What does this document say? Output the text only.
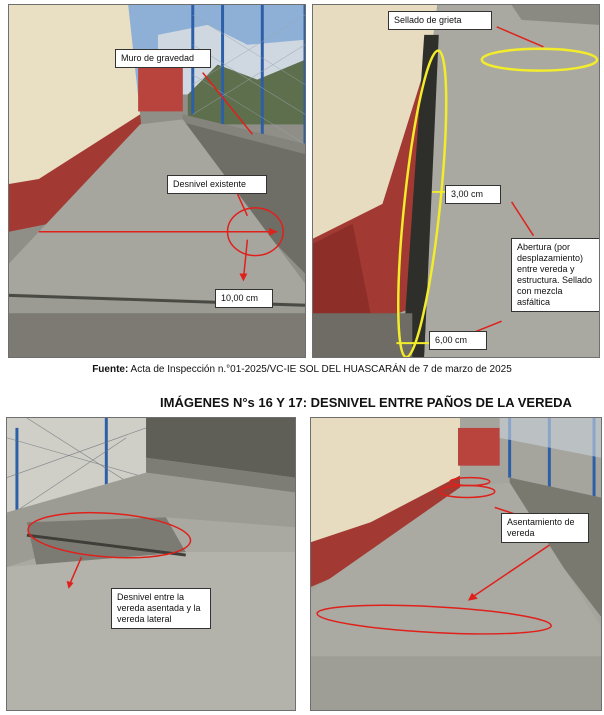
Muro de gravedad
Desnivel existente
10,00 cm
Sellado de grieta
3,00 cm
Abertura (por desplazamiento) entre vereda y estructura. Sellado con mezcla asfáltica
6,00 cm
Fuente: Acta de Inspección n.°01-2025/VC-IE SOL DEL HUASCARÁN de 7 de marzo de 2025
IMÁGENES N°s 16 Y 17: DESNIVEL ENTRE PAÑOS DE LA VEREDA
Desnivel entre la vereda asentada y la vereda lateral
Asentamiento de vereda
